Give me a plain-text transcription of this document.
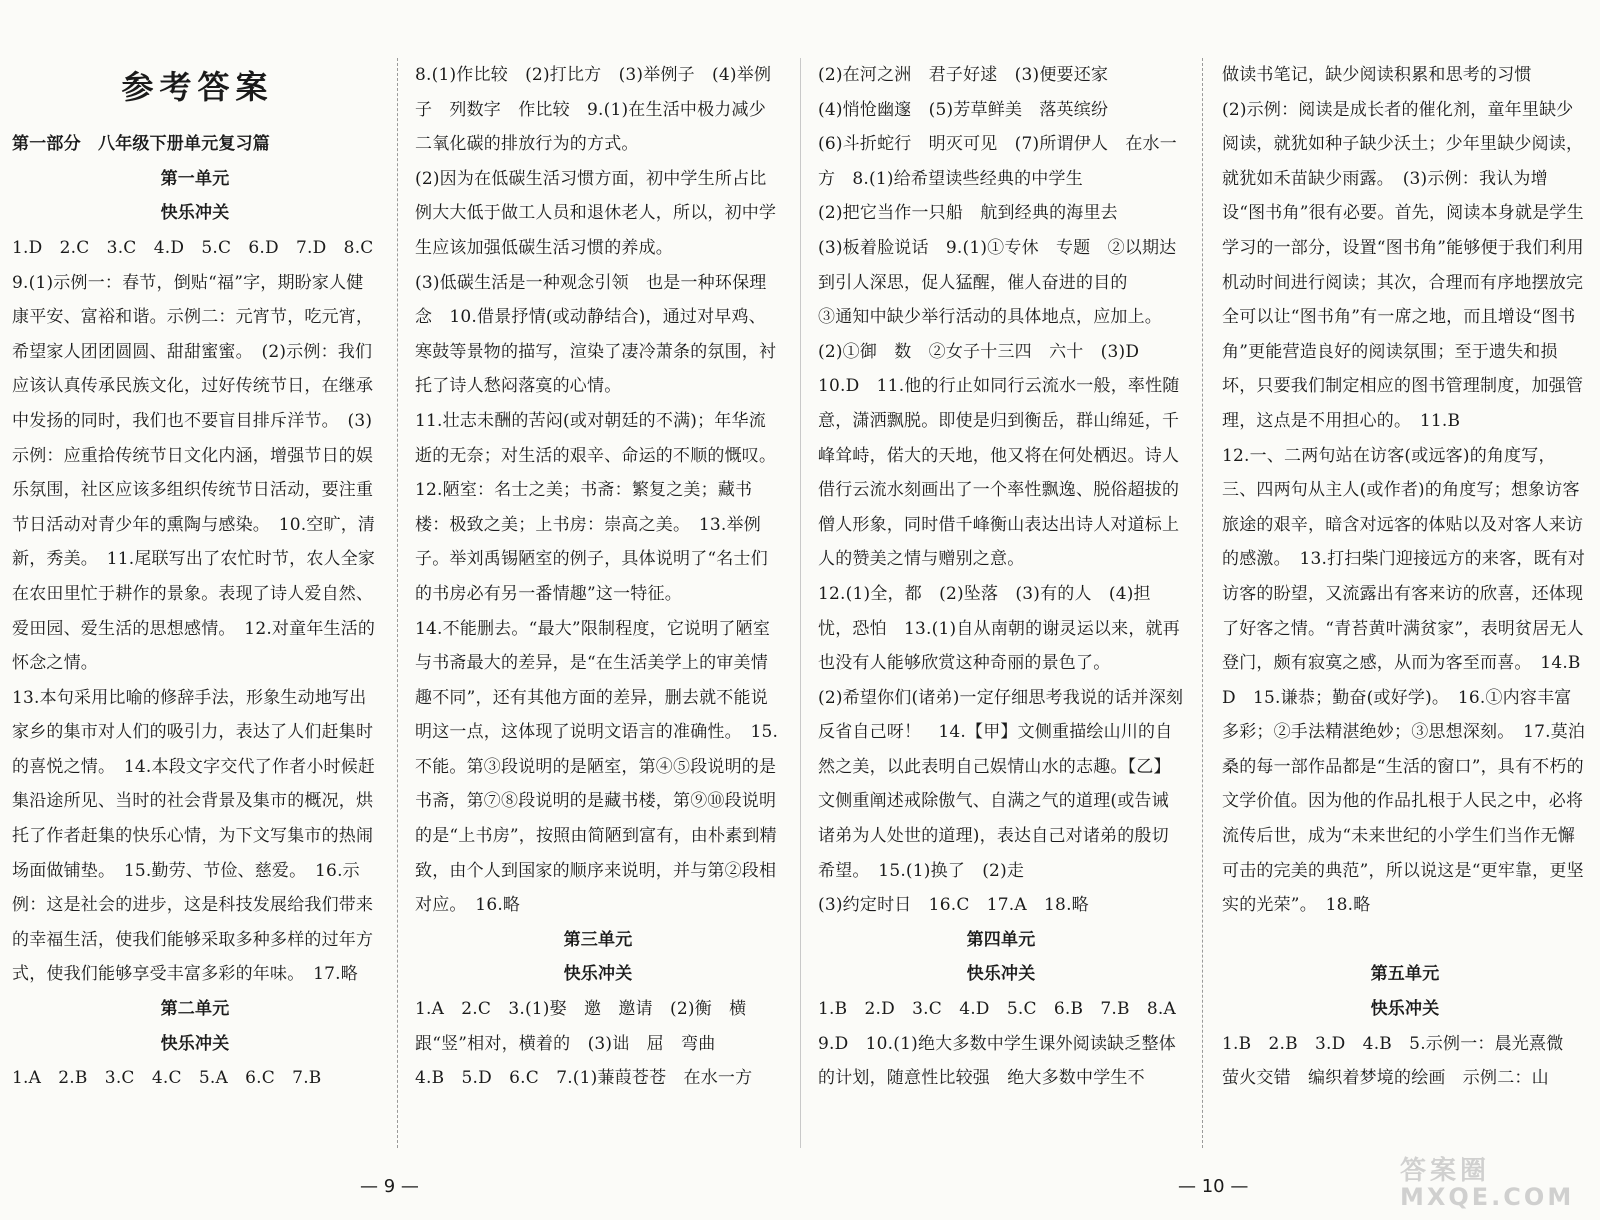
参考答案

第一部分　八年级下册单元复习篇

第一单元

快乐冲关

1.D　2.C　3.C　4.D　5.C　6.D　7.D　8.C

9.(1)示例一：春节，倒贴“福”字，期盼家人健康平安、富裕和谐。示例二：元宵节，吃元宵，希望家人团团圆圆、甜甜蜜蜜。　(2)示例：我们应该认真传承民族文化，过好传统节日，在继承中发扬的同时，我们也不要盲目排斥洋节。　(3)示例：应重拾传统节日文化内涵，增强节日的娱乐氛围，社区应该多组织传统节日活动，要注重节日活动对青少年的熏陶与感染。　10.空旷，清新，秀美。　11.尾联写出了农忙时节，农人全家在农田里忙于耕作的景象。表现了诗人爱自然、爱田园、爱生活的思想感情。　12.对童年生活的怀念之情。

13.本句采用比喻的修辞手法，形象生动地写出家乡的集市对人们的吸引力，表达了人们赶集时的喜悦之情。　14.本段文字交代了作者小时候赶集沿途所见、当时的社会背景及集市的概况，烘托了作者赶集的快乐心情，为下文写集市的热闹场面做铺垫。　15.勤劳、节俭、慈爱。　16.示例：这是社会的进步，这是科技发展给我们带来的幸福生活，使我们能够采取多种多样的过年方式，使我们能够享受丰富多彩的年味。　17.略

第二单元

快乐冲关

1.A　2.B　3.C　4.C　5.A　6.C　7.B

8.(1)作比较　(2)打比方　(3)举例子　(4)举例子　列数字　作比较　9.(1)在生活中极力减少二氧化碳的排放行为的方式。

(2)因为在低碳生活习惯方面，初中学生所占比例大大低于做工人员和退休老人，所以，初中学生应该加强低碳生活习惯的养成。

(3)低碳生活是一种观念引领　也是一种环保理念　10.借景抒情(或动静结合)，通过对早鸡、寒鼓等景物的描写，渲染了凄冷萧条的氛围，衬托了诗人愁闷落寞的心情。

11.壮志未酬的苦闷(或对朝廷的不满)；年华流逝的无奈；对生活的艰辛、命运的不顺的慨叹。　12.陋室：名士之美；书斋：繁复之美；藏书楼：极致之美；上书房：崇高之美。　13.举例子。举刘禹锡陋室的例子，具体说明了“名士们的书房必有另一番情趣”这一特征。

14.不能删去。“最大”限制程度，它说明了陋室与书斋最大的差异，是“在生活美学上的审美情趣不同”，还有其他方面的差异，删去就不能说明这一点，这体现了说明文语言的准确性。　15.不能。第③段说明的是陋室，第④⑤段说明的是书斋，第⑦⑧段说明的是藏书楼，第⑨⑩段说明的是“上书房”，按照由简陋到富有，由朴素到精致，由个人到国家的顺序来说明，并与第②段相对应。　16.略

第三单元

快乐冲关

1.A　2.C　3.(1)娶　邀　邀请　(2)衡　横　跟“竖”相对，横着的　(3)诎　屈　弯曲

4.B　5.D　6.C　7.(1)蒹葭苍苍　在水一方

(2)在河之洲　君子好逑　(3)便要还家

(4)悄怆幽邃　(5)芳草鲜美　落英缤纷

(6)斗折蛇行　明灭可见　(7)所谓伊人　在水一方　8.(1)给希望读些经典的中学生

(2)把它当作一只船　航到经典的海里去

(3)板着脸说话　9.(1)①专休　专题　②以期达到引人深思，促人猛醒，催人奋进的目的

③通知中缺少举行活动的具体地点，应加上。

(2)①御　数　②女子十三四　六十　(3)D

10.D　11.他的行止如同行云流水一般，率性随意，潇洒飘脱。即使是归到衡岳，群山绵延，千峰耸峙，偌大的天地，他又将在何处栖迟。诗人借行云流水刻画出了一个率性飘逸、脱俗超拔的僧人形象，同时借千峰衡山表达出诗人对道标上人的赞美之情与赠别之意。

12.(1)全，都　(2)坠落　(3)有的人　(4)担忧，恐怕　13.(1)自从南朝的谢灵运以来，就再也没有人能够欣赏这种奇丽的景色了。

(2)希望你们(诸弟)一定仔细思考我说的话并深刻反省自己呀！　14.【甲】文侧重描绘山川的自然之美，以此表明自己娱情山水的志趣。【乙】文侧重阐述戒除傲气、自满之气的道理(或告诫诸弟为人处世的道理)，表达自己对诸弟的殷切希望。　15.(1)换了　(2)走

(3)约定时日　16.C　17.A　18.略

第四单元

快乐冲关

1.B　2.D　3.C　4.D　5.C　6.B　7.B　8.A

9.D　10.(1)绝大多数中学生课外阅读缺乏整体的计划，随意性比较强　绝大多数中学生不

做读书笔记，缺少阅读积累和思考的习惯

(2)示例：阅读是成长者的催化剂，童年里缺少阅读，就犹如种子缺少沃土；少年里缺少阅读，就犹如禾苗缺少雨露。　(3)示例：我认为增设“图书角”很有必要。首先，阅读本身就是学生学习的一部分，设置“图书角”能够便于我们利用机动时间进行阅读；其次，合理而有序地摆放完全可以让“图书角”有一席之地，而且增设“图书角”更能营造良好的阅读氛围；至于遗失和损坏，只要我们制定相应的图书管理制度，加强管理，这点是不用担心的。　11.B

12.一、二两句站在访客(或远客)的角度写，三、四两句从主人(或作者)的角度写；想象访客旅途的艰辛，暗含对远客的体贴以及对客人来访的感激。　13.打扫柴门迎接远方的来客，既有对访客的盼望，又流露出有客来访的欣喜，还体现了好客之情。“青苔黄叶满贫家”，表明贫居无人登门，颇有寂寞之感，从而为客至而喜。　14.BD　15.谦恭；勤奋(或好学)。　16.①内容丰富多彩；②手法精湛绝妙；③思想深刻。　17.莫泊桑的每一部作品都是“生活的窗口”，具有不朽的文学价值。因为他的作品扎根于人民之中，必将流传后世，成为“未来世纪的小学生们当作无懈可击的完美的典范”，所以说这是“更牢靠，更坚实的光荣”。　18.略

第五单元

快乐冲关

1.B　2.B　3.D　4.B　5.示例一：晨光熹微　萤火交错　编织着梦境的绘画　示例二：山

— 9 —	— 10 —
答案圈
MXQE.COM
